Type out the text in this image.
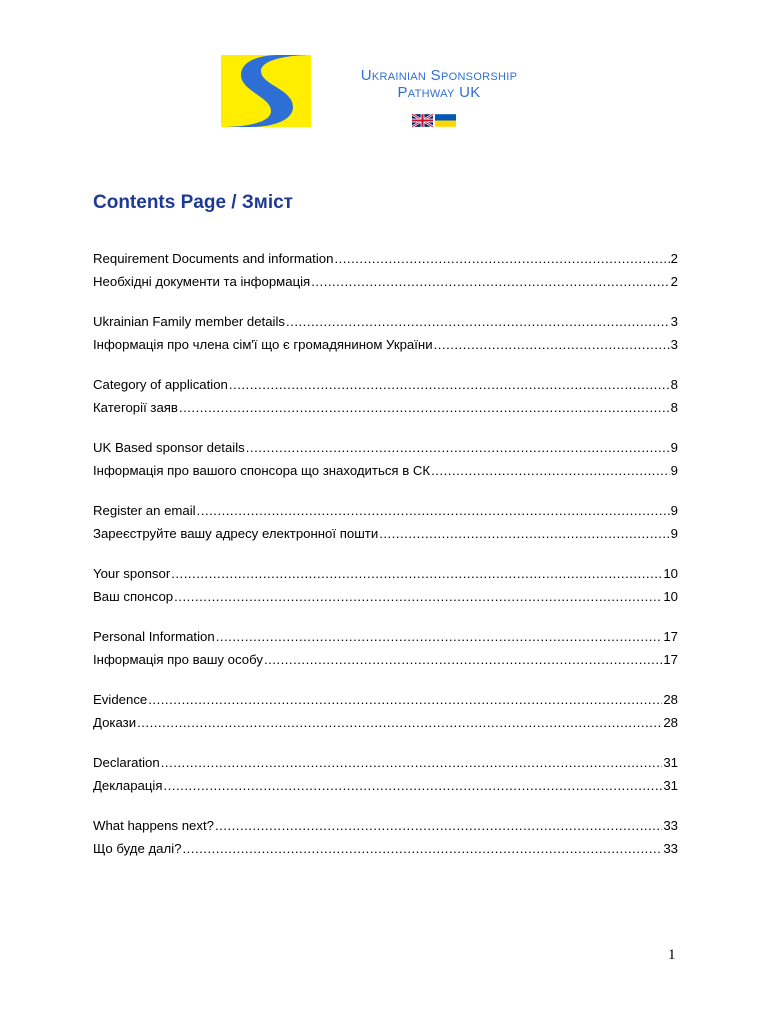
Ukrainian Sponsorship
Pathway UK
Contents Page / Зміст
Requirement Documents and information .....	2
Необхідні документи та інформація .....	2
Ukrainian Family member details .....	3
Інформація про члена сім'ї що є громадянином України .....	3
Category of application .....	8
Категорії заяв .....	8
UK Based sponsor details .....	9
Інформація про вашого спонсора що знаходиться в СК .....	9
Register an email .....	9
Зареєструйте вашу адресу електронної пошти .....	9
Your sponsor .....	10
Ваш спонсор .....	10
Personal Information .....	17
Інформація про вашу особу .....	17
Evidence .....	28
Докази .....	28
Declaration .....	31
Декларація .....	31
What happens next? .....	33
Що буде далі? .....	33
1
